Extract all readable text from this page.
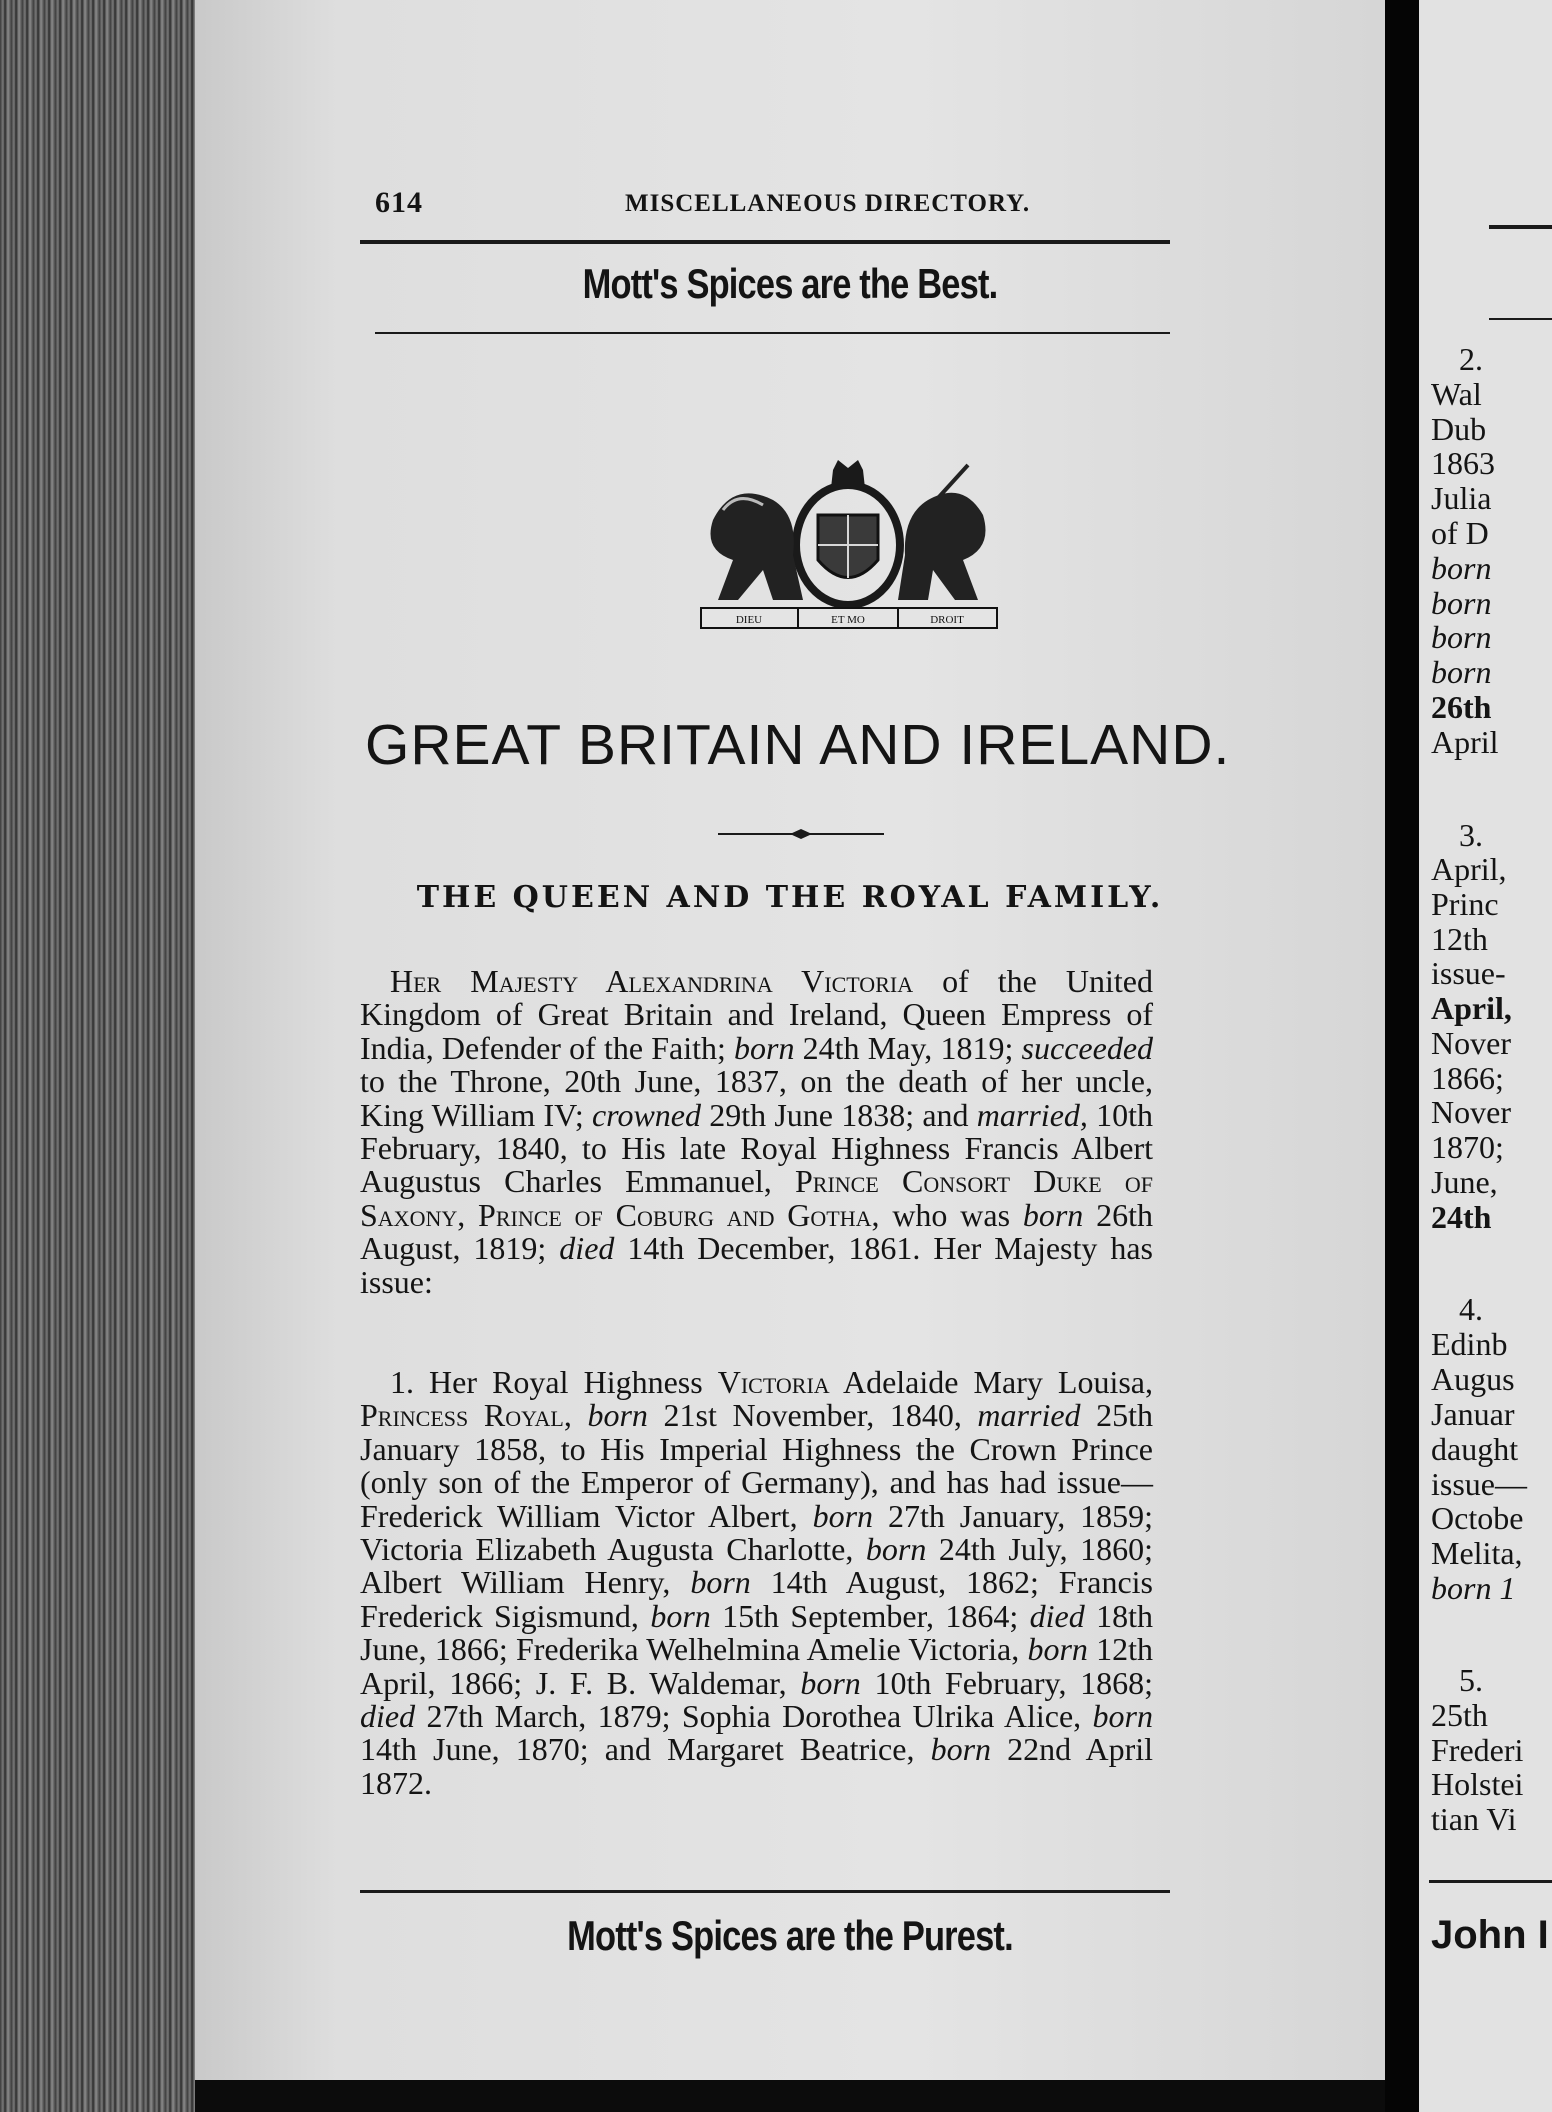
614	MISCELLANEOUS DIRECTORY.
Mott's Spices are the Best.
DIEU	ET MO	DROIT
GREAT BRITAIN AND IRELAND.
THE QUEEN AND THE ROYAL FAMILY.
Her Majesty Alexandrina Victoria of the United Kingdom of Great Britain and Ireland, Queen Empress of India, Defender of the Faith; born 24th May, 1819; succeeded to the Throne, 20th June, 1837, on the death of her uncle, King William IV; crowned 29th June 1838; and married, 10th February, 1840, to His late Royal Highness Francis Albert Augustus Charles Emmanuel, Prince Consort Duke of Saxony, Prince of Coburg and Gotha, who was born 26th August, 1819; died 14th December, 1861. Her Majesty has issue:
1. Her Royal Highness Victoria Adelaide Mary Louisa, Princess Royal, born 21st November, 1840, married 25th January 1858, to His Imperial Highness the Crown Prince (only son of the Emperor of Germany), and has had issue—Frederick William Victor Albert, born 27th January, 1859; Victoria Elizabeth Augusta Charlotte, born 24th July, 1860; Albert William Henry, born 14th August, 1862; Francis Frederick Sigismund, born 15th September, 1864; died 18th June, 1866; Frederika Welhelmina Amelie Victoria, born 12th April, 1866; J. F. B. Waldemar, born 10th February, 1868; died 27th March, 1879; Sophia Dorothea Ulrika Alice, born 14th June, 1870; and Margaret Beatrice, born 22nd April 1872.
Mott's Spices are the Purest.
2.
Wal
Dub
1863
Julia
of D
born
born
born
born
26th
April
3.
April,
Princ
12th
issue-
April,
Nover
1866;
Nover
1870;
June,
24th
4.
Edinb
Augus
Januar
daught
issue—
Octobe
Melita,
born 1
5.
25th
Frederi
Holstei
tian Vi
John I
